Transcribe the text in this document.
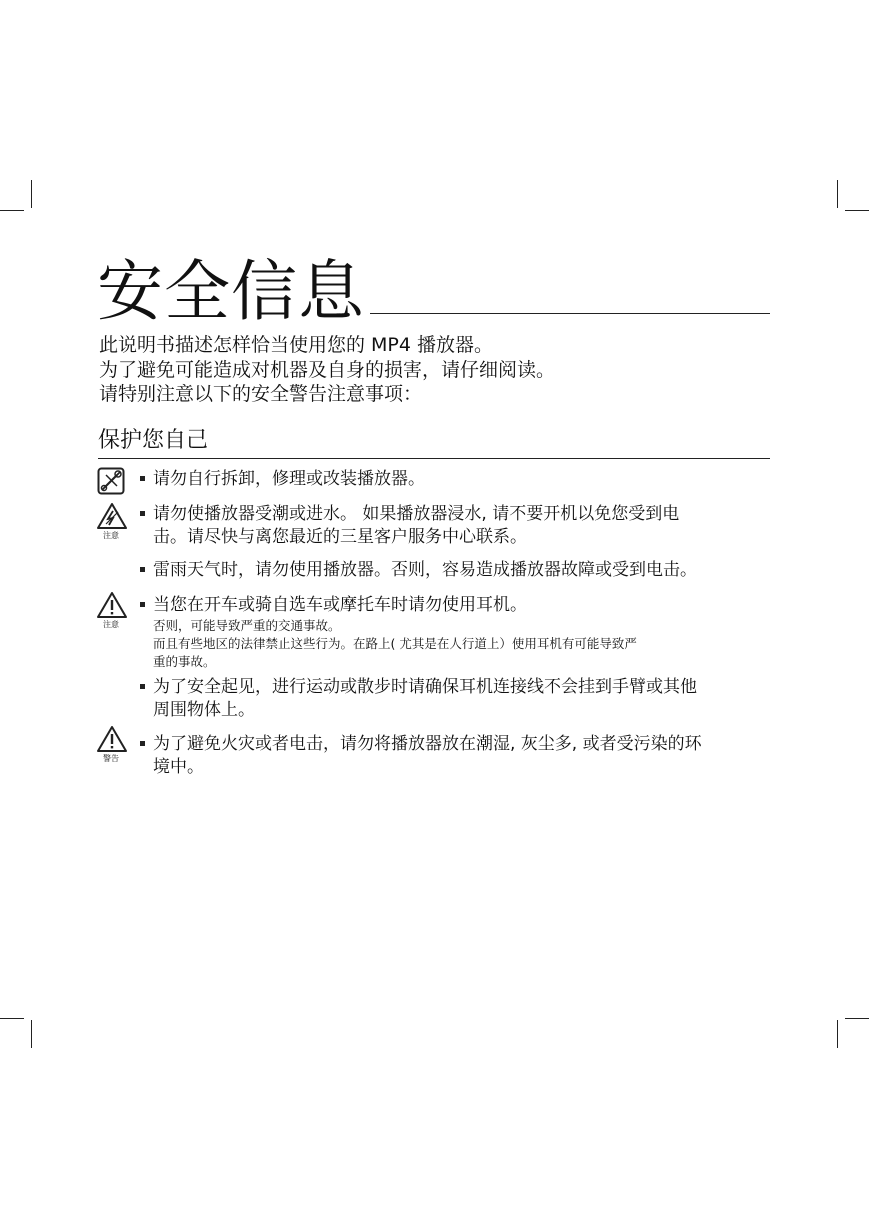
安全信息

此说明书描述怎样恰当使用您的 MP4 播放器。
为了避免可能造成对机器及自身的损害，请仔细阅读。
请特别注意以下的安全警告注意事项：

保护您自己
注意
注意
警告

请勿自行拆卸，修理或改装播放器。

请勿使播放器受潮或进水。 如果播放器浸水, 请不要开机以免您受到电
击。请尽快与离您最近的三星客户服务中心联系。

雷雨天气时，请勿使用播放器。否则，容易造成播放器故障或受到电击。

当您在开车或骑自选车或摩托车时请勿使用耳机。

否则，可能导致严重的交通事故。
而且有些地区的法律禁止这些行为。在路上( 尤其是在人行道上）使用耳机有可能导致严
重的事故。

为了安全起见，进行运动或散步时请确保耳机连接线不会挂到手臂或其他
周围物体上。

为了避免火灾或者电击，请勿将播放器放在潮湿, 灰尘多, 或者受污染的环
境中。
